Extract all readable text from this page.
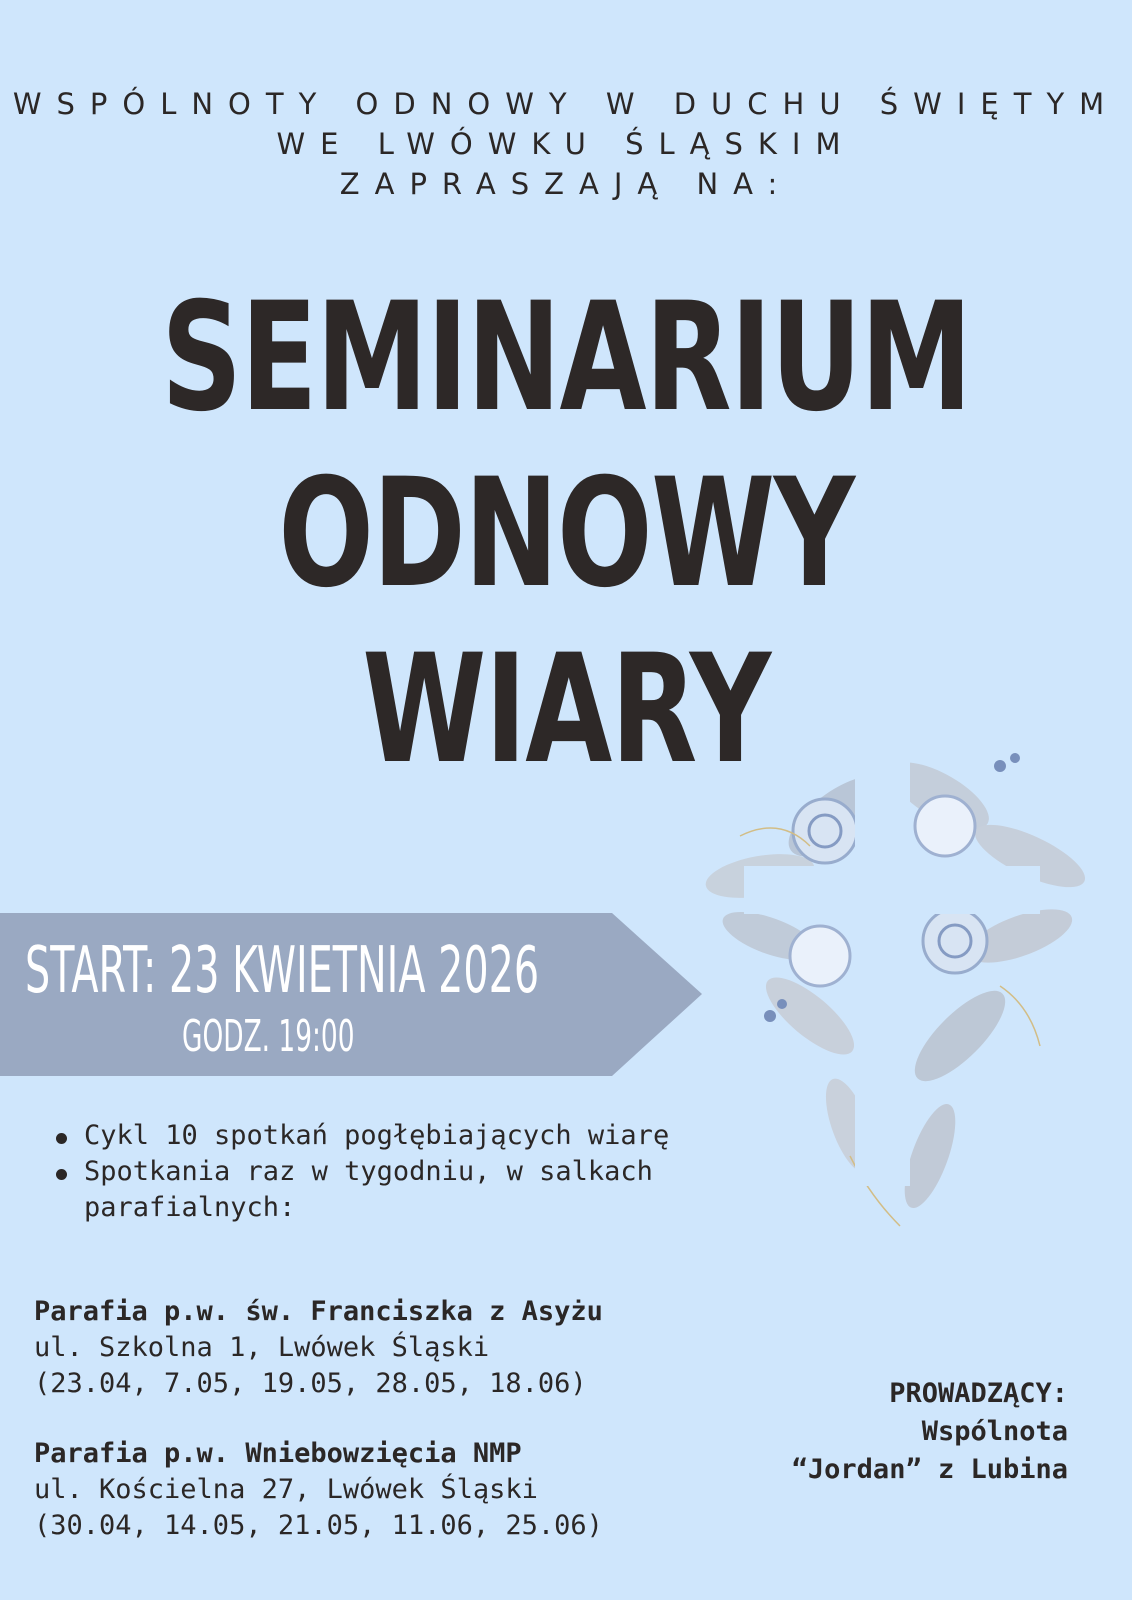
WSPÓLNOTY ODNOWY W DUCHU ŚWIĘTYM
WE LWÓWKU ŚLĄSKIM
ZAPRASZAJĄ NA:
SEMINARIUM
ODNOWY
WIARY
START: 23 KWIETNIA 2026
GODZ. 19:00
Cykl 10 spotkań pogłębiających wiarę
Spotkania raz w tygodniu, w salkach parafialnych:
Parafia p.w. św. Franciszka z Asyżu
ul. Szkolna 1, Lwówek Śląski
(23.04, 7.05, 19.05, 28.05, 18.06)
Parafia p.w. Wniebowzięcia NMP
ul. Kościelna 27, Lwówek Śląski
(30.04, 14.05, 21.05, 11.06, 25.06)
PROWADZĄCY:
Wspólnota
“Jordan” z Lubina
